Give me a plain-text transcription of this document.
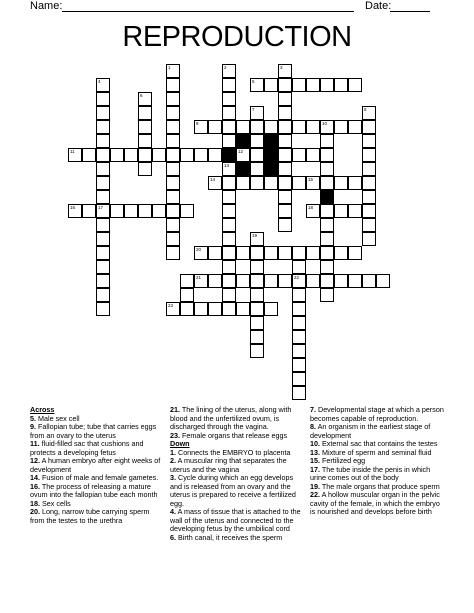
Name:	Date:
REPRODUCTION
1	2
13
3
4
17
6
7	8
10
19
22
5
9
11	12
14	15
16	18
20
21
23
Across
5. Male sex cell
9. Fallopian tube; tube that carries eggs from an ovary to the uterus
11. fluid-filled sac that cushions and protects a developing fetus
12. A human embryo after eight weeks of development
14. Fusion of male and female gametes.
16. The process of releasing a mature ovum into the fallopian tube each month
18. Sex cells
20. Long, narrow tube carrying sperm from the testes to the urethra
21. The lining of the uterus, along with blood and the unfertilized ovum, is discharged through the vagina.
23. Female organs that release eggs
Down
1. Connects the EMBRYO to placenta
2. A muscular ring that separates the uterus and the vagina
3. Cycle during which an egg develops and is released from an ovary and the uterus is prepared to receive a fertilized egg.
4. A mass of tissue that is attached to the wall of the uterus and connected to the developing fetus by the umbilical cord
6. Birth canal, it receives the sperm
7. Developmental stage at which a person becomes capable of reproduction.
8. An organism in the earliest stage of development
10. External sac that contains the testes
13. Mixture of sperm and seminal fluid
15. Fertilized egg
17. The tube inside the penis in which urine comes out of the body
19. The male organs that produce sperm
22. A hollow muscular organ in the pelvic cavity of the female, in which the embryo is nourished and develops before birth
